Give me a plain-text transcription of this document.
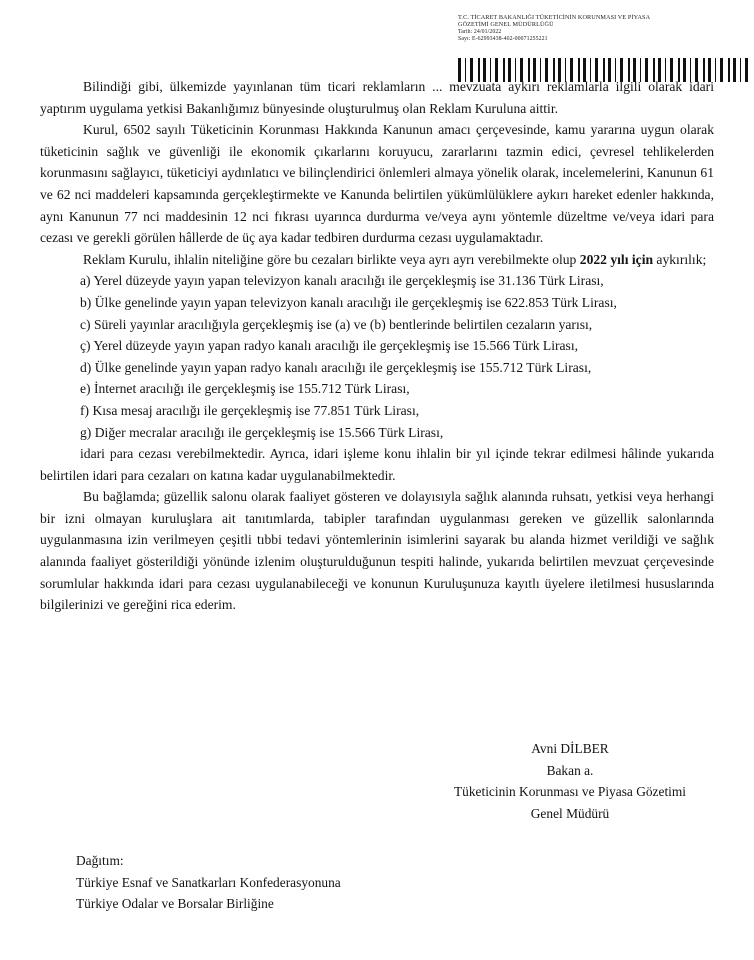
T.C. TİCARET BAKANLIĞI TÜKETİCİNİN KORUNMASI VE PİYASA
GÖZETİMİ GENEL MÜDÜRLÜĞÜ
Tarih: 24/01/2022
Sayı: E-62993438-402-00071255221

Bilindiği gibi, ülkemizde yayınlanan tüm ticari reklamların ... mevzuata aykırı reklamlarla ilgili olarak idari yaptırım uygulama yetkisi Bakanlığımız bünyesinde oluşturulmuş olan Reklam Kuruluna aittir.

Kurul, 6502 sayılı Tüketicinin Korunması Hakkında Kanunun amacı çerçevesinde, kamu yararına uygun olarak tüketicinin sağlık ve güvenliği ile ekonomik çıkarlarını koruyucu, zararlarını tazmin edici, çevresel tehlikelerden korunmasını sağlayıcı, tüketiciyi aydınlatıcı ve bilinçlendirici önlemleri almaya yönelik olarak, incelemelerini, Kanunun 61 ve 62 nci maddeleri kapsamında gerçekleştirmekte ve Kanunda belirtilen yükümlülüklere aykırı hareket edenler hakkında, aynı Kanunun 77 nci maddesinin 12 nci fıkrası uyarınca durdurma ve/veya aynı yöntemle düzeltme ve/veya idari para cezası ve gerekli görülen hâllerde de üç aya kadar tedbiren durdurma cezası uygulamaktadır.

Reklam Kurulu, ihlalin niteliğine göre bu cezaları birlikte veya ayrı ayrı verebilmekte olup 2022 yılı için aykırılık;

a) Yerel düzeyde yayın yapan televizyon kanalı aracılığı ile gerçekleşmiş ise 31.136 Türk Lirası,

b) Ülke genelinde yayın yapan televizyon kanalı aracılığı ile gerçekleşmiş ise 622.853 Türk Lirası,

c) Süreli yayınlar aracılığıyla gerçekleşmiş ise (a) ve (b) bentlerinde belirtilen cezaların yarısı,

ç) Yerel düzeyde yayın yapan radyo kanalı aracılığı ile gerçekleşmiş ise 15.566 Türk Lirası,

d) Ülke genelinde yayın yapan radyo kanalı aracılığı ile gerçekleşmiş ise 155.712 Türk Lirası,

e) İnternet aracılığı ile gerçekleşmiş ise 155.712 Türk Lirası,

f) Kısa mesaj aracılığı ile gerçekleşmiş ise 77.851 Türk Lirası,

g) Diğer mecralar aracılığı ile gerçekleşmiş ise 15.566 Türk Lirası,

idari para cezası verebilmektedir. Ayrıca, idari işleme konu ihlalin bir yıl içinde tekrar edilmesi hâlinde yukarıda belirtilen idari para cezaları on katına kadar uygulanabilmektedir.

Bu bağlamda; güzellik salonu olarak faaliyet gösteren ve dolayısıyla sağlık alanında ruhsatı, yetkisi veya herhangi bir izni olmayan kuruluşlara ait tanıtımlarda, tabipler tarafından uygulanması gereken ve güzellik salonlarında uygulanmasına izin verilmeyen çeşitli tıbbi tedavi yöntemlerinin isimlerini sayarak bu alanda hizmet verildiği ve sağlık alanında faaliyet gösterildiği yönünde izlenim oluşturulduğunun tespiti halinde, yukarıda belirtilen mevzuat çerçevesinde sorumlular hakkında idari para cezası uygulanabileceği ve konunun Kuruluşunuza kayıtlı üyelere iletilmesi hususlarında bilgilerinizi ve gereğini rica ederim.

Avni DİLBER
Bakan a.
Tüketicinin Korunması ve Piyasa Gözetimi
Genel Müdürü
Dağıtım:
Türkiye Esnaf ve Sanatkarları Konfederasyonuna
Türkiye Odalar ve Borsalar Birliğine
